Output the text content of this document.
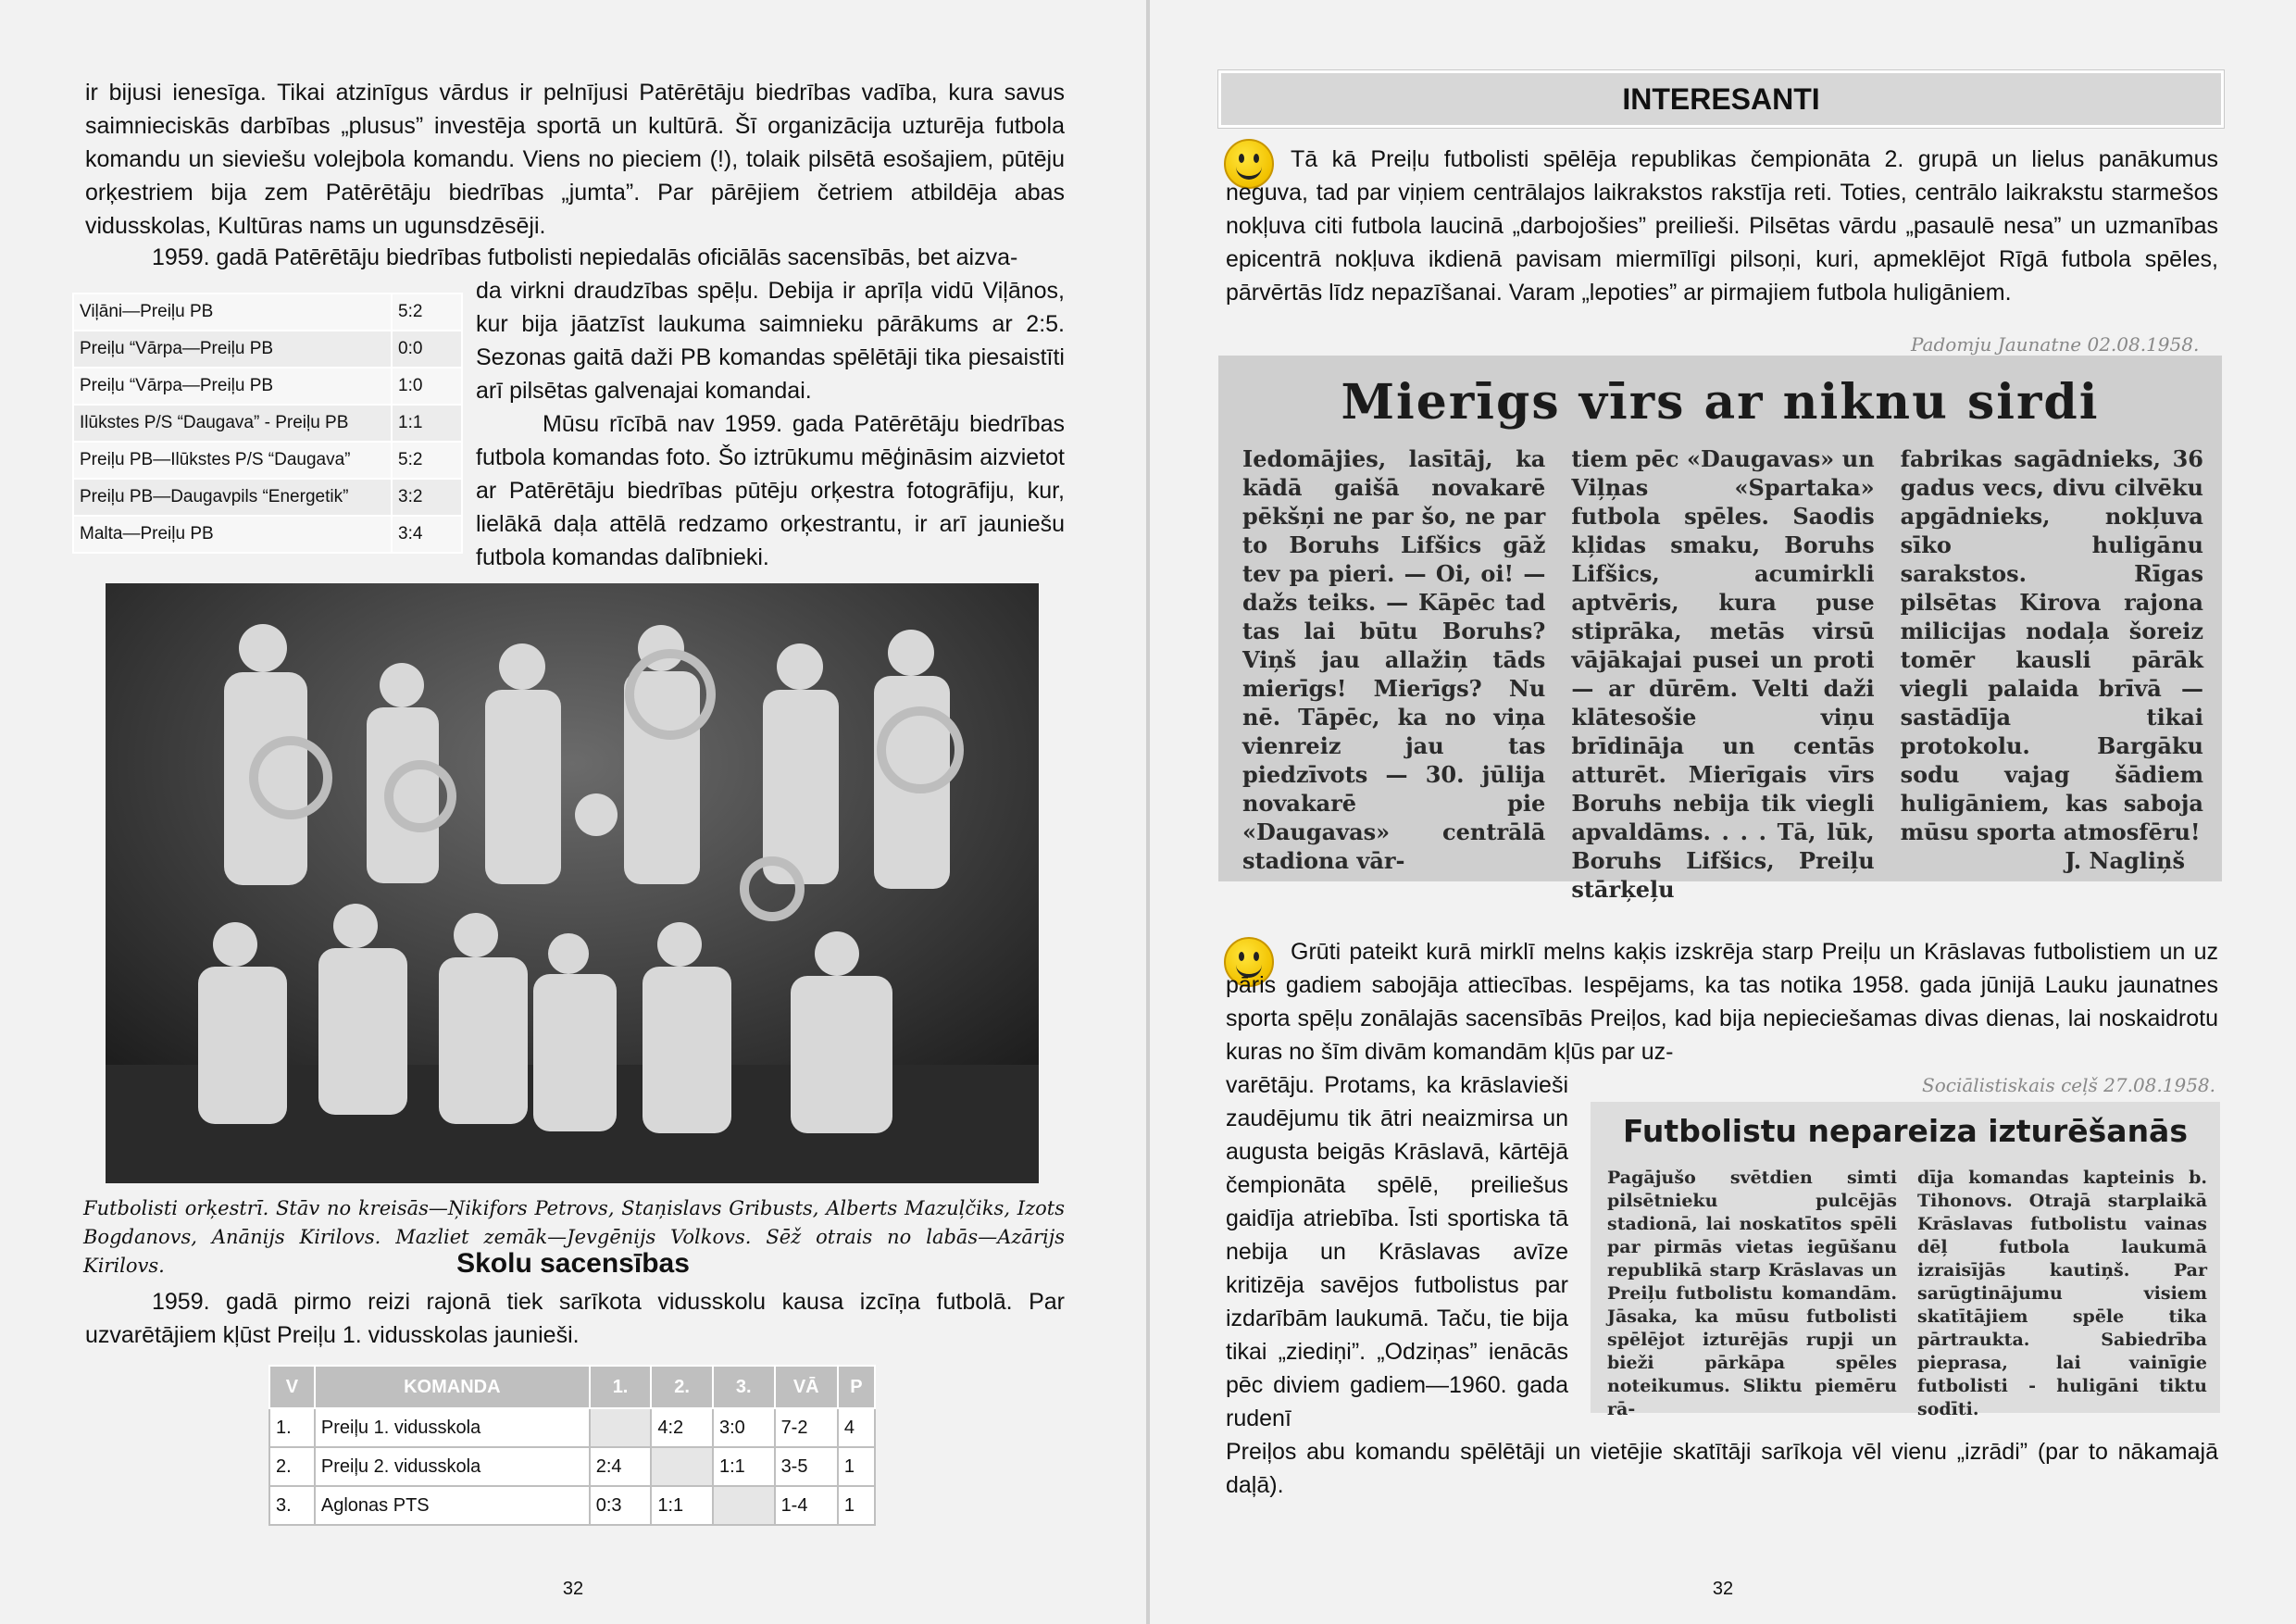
ir bijusi ienesīga. Tikai atzinīgus vārdus ir pelnījusi Patērētāju biedrības vadība, kura savus saimnieciskās darbības „plusus” investēja sportā un kultūrā. Šī organizācija uzturēja futbola komandu un sieviešu volejbola komandu. Viens no pieciem (!), tolaik pilsētā esošajiem, pūtēju orķestriem bija zem Patērētāju biedrības „jumta”. Par pārējiem četriem atbildēja abas vidusskolas, Kultūras nams un ugunsdzēsēji.

1959. gadā Patērētāju biedrības futbolisti nepiedalās oficiālās sacensībās, bet aizva-

da virkni draudzības spēļu. Debija ir aprīļa vidū Viļānos, kur bija jāatzīst laukuma saimnieku pārākums ar 2:5. Sezonas gaitā daži PB komandas spēlētāji tika piesaistīti arī pilsētas galvenajai komandai.

Viļāni—Preiļu PB	5:2
Preiļu “Vārpa—Preiļu PB	0:0
Preiļu “Vārpa—Preiļu PB	1:0
Ilūkstes P/S “Daugava” - Preiļu PB	1:1
Preiļu PB—Ilūkstes P/S “Daugava”	5:2
Preiļu PB—Daugavpils “Energetik”	3:2
Malta—Preiļu PB	3:4

Mūsu rīcībā nav 1959. gada Patērētāju biedrības futbola komandas foto. Šo iztrūkumu mēģināsim aizvietot ar Patērētāju biedrības pūtēju orķestra fotogrāfiju, kur, lielākā daļa attēlā redzamo orķestrantu, ir arī jauniešu futbola komandas dalībnieki.

Futbolisti orķestrī. Stāv no kreisās—Ņikifors Petrovs, Staņislavs Gribusts, Alberts Mazuļčiks, Izots Bogdanovs, Anānijs Kirilovs. Mazliet zemāk—Jevgēnijs Volkovs. Sēž otrais no labās—Azārijs Kirilovs.	Skolu sacensības

1959. gadā pirmo reizi rajonā tiek sarīkota vidusskolu kausa izcīņa futbolā. Par uzvarētājiem kļūst Preiļu 1. vidusskolas jaunieši.

V	KOMANDA	1.	2.	3.	VĀ	P
1.	Preiļu 1. vidusskola		4:2	3:0	7-2	4
2.	Preiļu 2. vidusskola	2:4		1:1	3-5	1
3.	Aglonas PTS	0:3	1:1		1-4	1
32
INTERESANTI

Tā kā Preiļu futbolisti spēlēja republikas čempionāta 2. grupā un lielus panākumus neguva, tad par viņiem centrālajos laikrakstos rakstīja reti. Toties, centrālo laikrakstu starmešos nokļuva citi futbola laucinā „darbojošies” preilieši. Pilsētas vārdu „pasaulē nesa” un uzmanības epicentrā nokļuva ikdienā pavisam miermīlīgi pilsoņi, kuri, apmeklējot Rīgā futbola spēles, pārvērtās līdz nepazīšanai. Varam „lepoties” ar pirmajiem futbola huligāniem.

Padomju Jaunatne 02.08.1958.

Mierīgs vīrs ar niknu sirdi

Iedomājies, lasītāj, ka kādā gaišā novakarē pēkšņi ne par šo, ne par to Boruhs Lifšics gāž tev pa pieri. — Oi, oi! — dažs teiks. — Kāpēc tad tas lai būtu Boruhs? Viņš jau allažiņ tāds mierīgs! Mierīgs? Nu nē. Tāpēc, ka no viņa vienreiz jau tas piedzīvots — 30. jūlija novakarē pie «Daugavas» centrālā stadiona vār-

tiem pēc «Daugavas» un Viļņas «Spartaka» futbola spēles. Saodis kļidas smaku, Boruhs Lifšics, acumirkli aptvēris, kura puse stiprāka, metās virsū vājākajai pusei un proti — ar dūrēm. Velti daži klātesošie viņu brīdināja un centās atturēt. Mierīgais vīrs Boruhs nebija tik viegli apvaldāms. . . . Tā, lūk, Boruhs Lifšics, Preiļu stārķeļu

fabrikas sagādnieks, 36 gadus vecs, divu cilvēku apgādnieks, nokļuva sīko huligānu sarakstos. Rīgas pilsētas Kirova rajona milicijas nodaļa šoreiz tomēr kausli pārāk viegli palaida brīvā — sastādīja tikai protokolu. Bargāku sodu vajag šādiem huligāniem, kas saboja mūsu sporta atmosfēru!
J. Nagliņš

Grūti pateikt kurā mirklī melns kaķis izskrēja starp Preiļu un Krāslavas futbolistiem un uz pāris gadiem sabojāja attiecības. Iespējams, ka tas notika 1958. gada jūnijā Lauku jaunatnes sporta spēļu zonālajās sacensībās Preiļos, kad bija nepieciešamas divas dienas, lai noskaidrotu kuras no šīm divām komandām kļūs par uz-

Sociālistiskais ceļš 27.08.1958.

Futbolistu nepareiza izturēšanās

Pagājušo svētdien simti pilsētnieku pulcējās stadionā, lai noskatītos spēli par pirmās vietas iegūšanu republikā starp Krāslavas un Preiļu futbolistu komandām. Jāsaka, ka mūsu futbolisti spēlējot izturējās rupji un bieži pārkāpa spēles noteikumus. Sliktu piemēru rā-

dīja komandas kapteinis b. Tihonovs. Otrajā starplaikā Krāslavas futbolistu vainas dēļ futbola laukumā izraisījās kautiņš. Par sarūgtinājumu visiem skatītājiem spēle tika pārtraukta. Sabiedrība pieprasa, lai vainīgie futbolisti - huligāni tiktu sodīti.

varētāju. Protams, ka krāslavieši zaudējumu tik ātri neaizmirsa un augusta beigās Krāslavā, kārtējā čempionāta spēlē, preiliešus gaidīja atriebība. Īsti sportiska tā nebija un Krāslavas avīze kritizēja savējos futbolistus par izdarībām laukumā. Taču, tie bija tikai „ziediņi”. „Odziņas” ienācās pēc diviem gadiem—1960. gada rudenī

32

Preiļos abu komandu spēlētāji un vietējie skatītāji sarīkoja vēl vienu „izrādi” (par to nākamajā daļā).
